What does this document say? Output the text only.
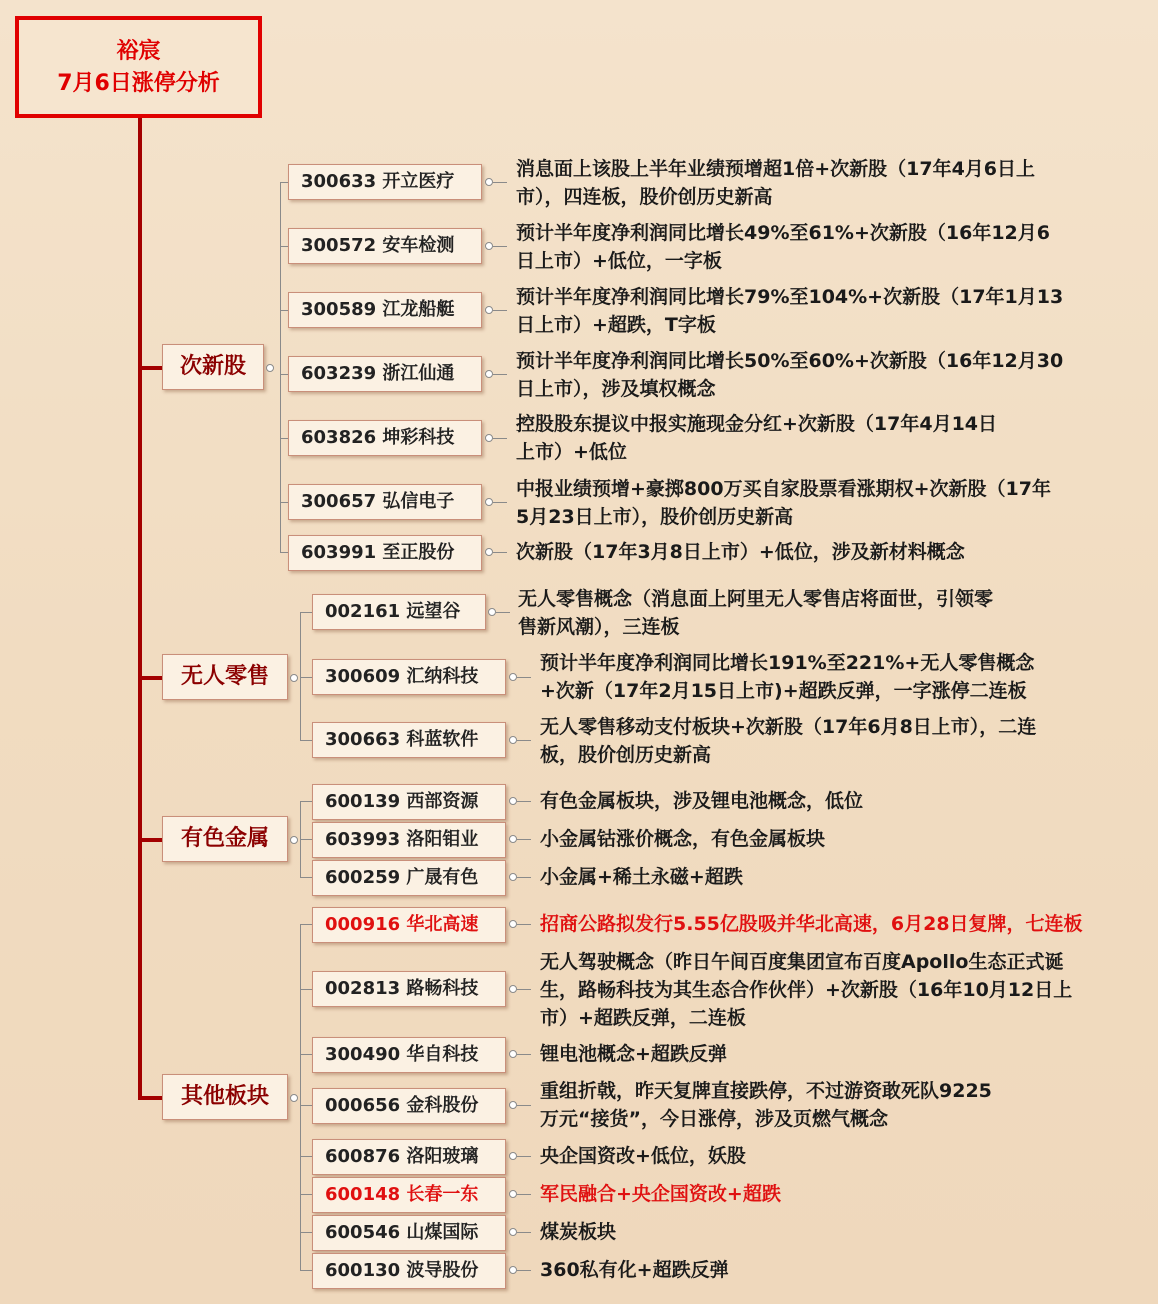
裕宸
7月6日涨停分析
次新股
无人零售
有色金属
其他板块
300633 开立医疗
消息面上该股上半年业绩预增超1倍+次新股（17年4月6日上
市），四连板，股价创历史新高
300572 安车检测
预计半年度净利润同比增长49%至61%+次新股（16年12月6
日上市）+低位，一字板
300589 江龙船艇
预计半年度净利润同比增长79%至104%+次新股（17年1月13
日上市）+超跌，T字板
603239 浙江仙通
预计半年度净利润同比增长50%至60%+次新股（16年12月30
日上市），涉及填权概念
603826 坤彩科技
控股股东提议中报实施现金分红+次新股（17年4月14日
上市）+低位
300657 弘信电子
中报业绩预增+豪掷800万买自家股票看涨期权+次新股（17年
5月23日上市），股价创历史新高
603991 至正股份	次新股（17年3月8日上市）+低位，涉及新材料概念
002161 远望谷
无人零售概念（消息面上阿里无人零售店将面世，引领零
售新风潮），三连板
300609 汇纳科技
预计半年度净利润同比增长191%至221%+无人零售概念
+次新（17年2月15日上市)+超跌反弹，一字涨停二连板
300663 科蓝软件
无人零售移动支付板块+次新股（17年6月8日上市），二连
板，股价创历史新高
600139 西部资源	有色金属板块，涉及锂电池概念，低位
603993 洛阳钼业	小金属钴涨价概念，有色金属板块
600259 广晟有色	小金属+稀土永磁+超跌
000916 华北高速	招商公路拟发行5.55亿股吸并华北高速，6月28日复牌，七连板
002813 路畅科技
无人驾驶概念（昨日午间百度集团宣布百度Apollo生态正式诞
生，路畅科技为其生态合作伙伴）+次新股（16年10月12日上
市）+超跌反弹，二连板
300490 华自科技	锂电池概念+超跌反弹
000656 金科股份
重组折戟，昨天复牌直接跌停，不过游资敢死队9225
万元“接货”，今日涨停，涉及页燃气概念
600876 洛阳玻璃	央企国资改+低位，妖股
600148 长春一东	军民融合+央企国资改+超跌
600546 山煤国际	煤炭板块
600130 波导股份	360私有化+超跌反弹
